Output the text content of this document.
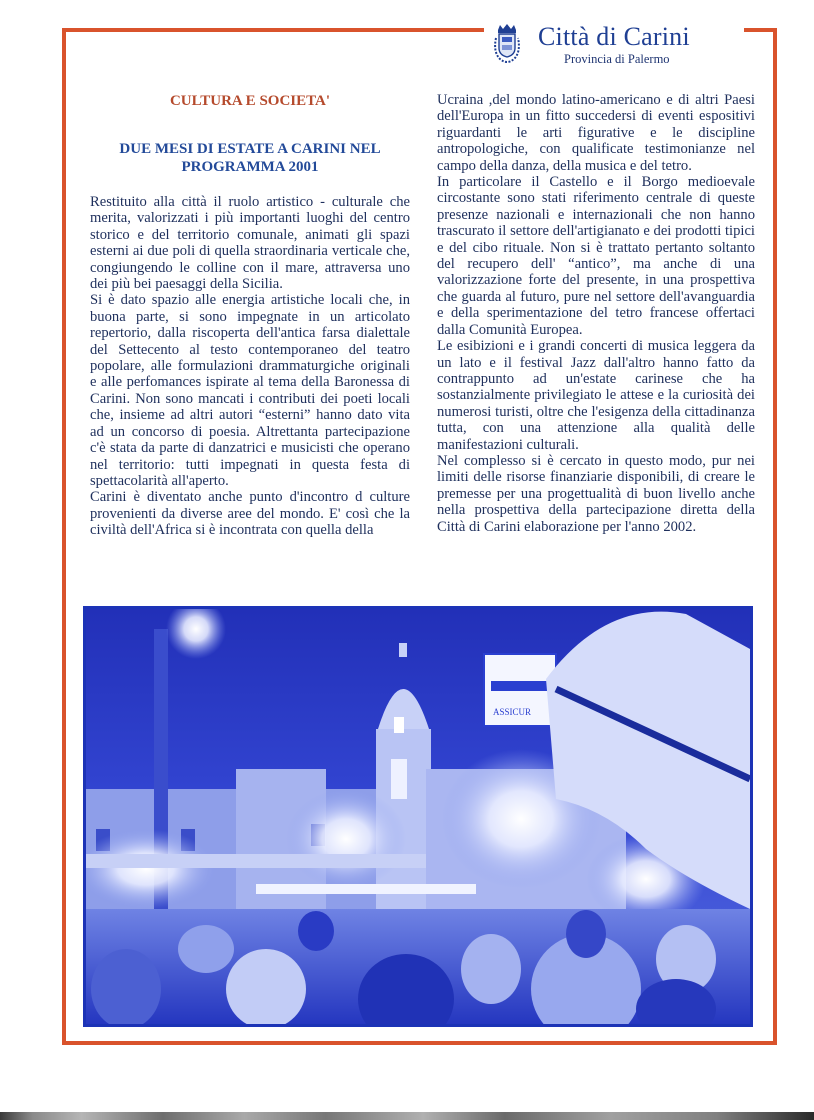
Città di Carini
Provincia di Palermo
CULTURA E SOCIETA'
DUE MESI DI ESTATE A CARINI NEL
PROGRAMMA 2001

Restituito alla città il ruolo artistico - culturale che merita, valorizzati i più importanti luoghi del centro storico e del territorio comunale, animati gli spazi esterni ai due poli di quella straordinaria verticale che, congiungendo le colline con il mare, attraversa uno dei più bei paesaggi della Sicilia.

Si è dato spazio alle energia artistiche locali che, in buona parte, si sono impegnate in un articolato repertorio, dalla riscoperta dell'antica farsa dialettale del Settecento al testo contemporaneo del teatro popolare, alle formulazioni drammaturgiche originali e alle perfomances ispirate al tema della Baronessa di Carini. Non sono mancati i contributi dei poeti locali che, insieme ad altri autori “esterni” hanno dato vita ad un concorso di poesia. Altrettanta partecipazione c'è stata da parte di danzatrici e musicisti che operano nel territorio: tutti impegnati in questa festa di spettacolarità all'aperto.

Carini è diventato anche punto d'incontro d culture provenienti da diverse aree del mondo. E' così che la civiltà dell'Africa si è incontrata con quella della

Ucraina ,del mondo latino-americano e di altri Paesi dell'Europa in un fitto succedersi di eventi espositivi riguardanti le arti figurative e le discipline antropologiche, con qualificate testimonianze nel campo della danza, della musica e del tetro.

In particolare il Castello e il Borgo medioevale circostante sono stati riferimento centrale di queste presenze nazionali e internazionali che non hanno trascurato il settore dell'artigianato e dei prodotti tipici e del cibo rituale. Non si è trattato pertanto soltanto del recupero dell' “antico”, ma anche di una valorizzazione forte del presente, in una prospettiva che guarda al futuro, pure nel settore dell'avanguardia e della sperimentazione del tetro francese offertaci dalla Comunità Europea.

Le esibizioni e i grandi concerti di musica leggera da un lato e il festival Jazz dall'altro hanno fatto da contrappunto ad un'estate carinese che ha sostanzialmente privilegiato le attese e la curiosità dei numerosi turisti, oltre che l'esigenza della cittadinanza tutta, con una attenzione alla qualità delle manifestazioni culturali.

Nel complesso si è cercato in questo modo, pur nei limiti delle risorse finanziarie disponibili, di creare le premesse per una progettualità di buon livello anche nella prospettiva della partecipazione diretta della Città di Carini elaborazione per l'anno 2002.

ASSICUR
